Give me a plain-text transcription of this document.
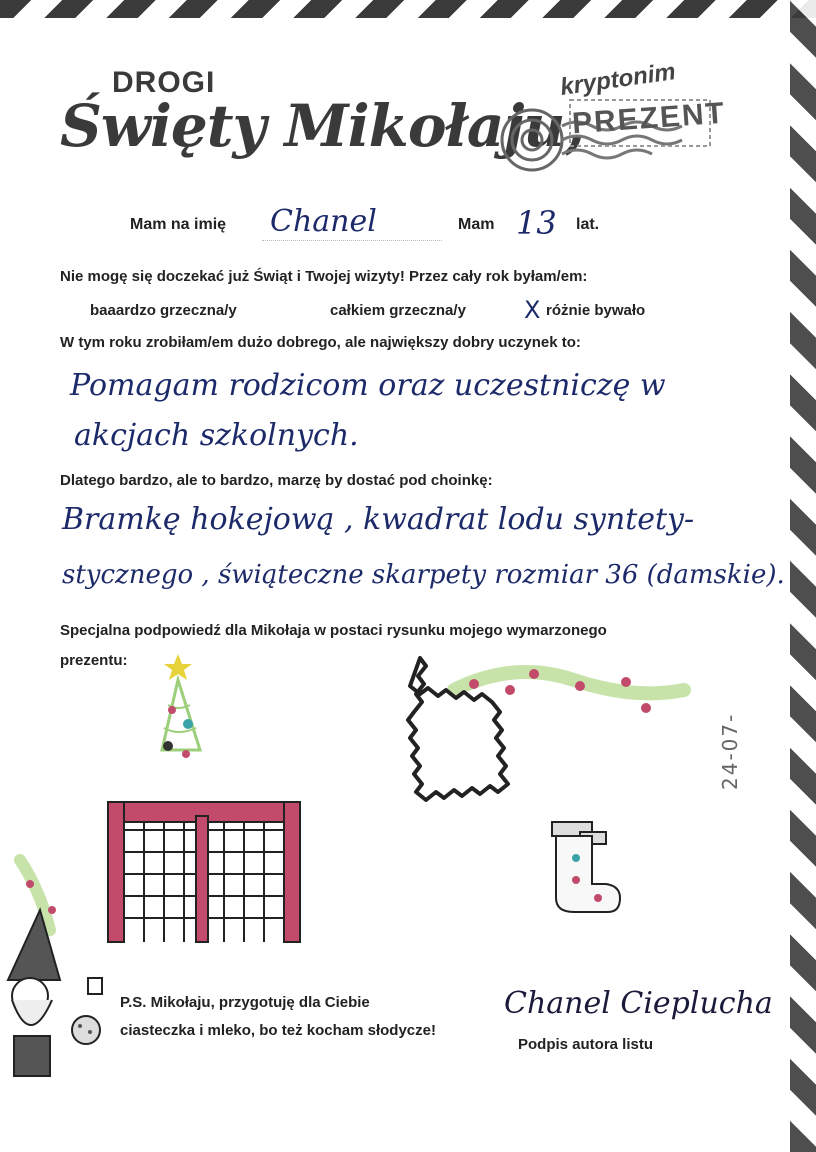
DROGI
Święty Mikołaju,
kryptonim
PREZENT
Mam na imię Chanel	Mam 13 lat.
Nie mogę się doczekać już Świąt i Twojej wizyty! Przez cały rok byłam/em:
baaardzo grzeczna/y	całkiem grzeczna/y X różnie bywało
W tym roku zrobiłam/em dużo dobrego, ale największy dobry uczynek to:
Pomagam rodzicom oraz uczestniczę w
akcjach szkolnych.
Dlatego bardzo, ale to bardzo, marzę by dostać pod choinkę:
Bramkę hokejową , kwadrat lodu syntety-
stycznego , świąteczne skarpety rozmiar 36 (damskie).
Specjalna podpowiedź dla Mikołaja w postaci rysunku mojego wymarzonego
prezentu:
P.S. Mikołaju, przygotuję dla Ciebie
ciasteczka i mleko, bo też kocham słodycze!
Chanel Cieplucha
Podpis autora listu
24-07-
